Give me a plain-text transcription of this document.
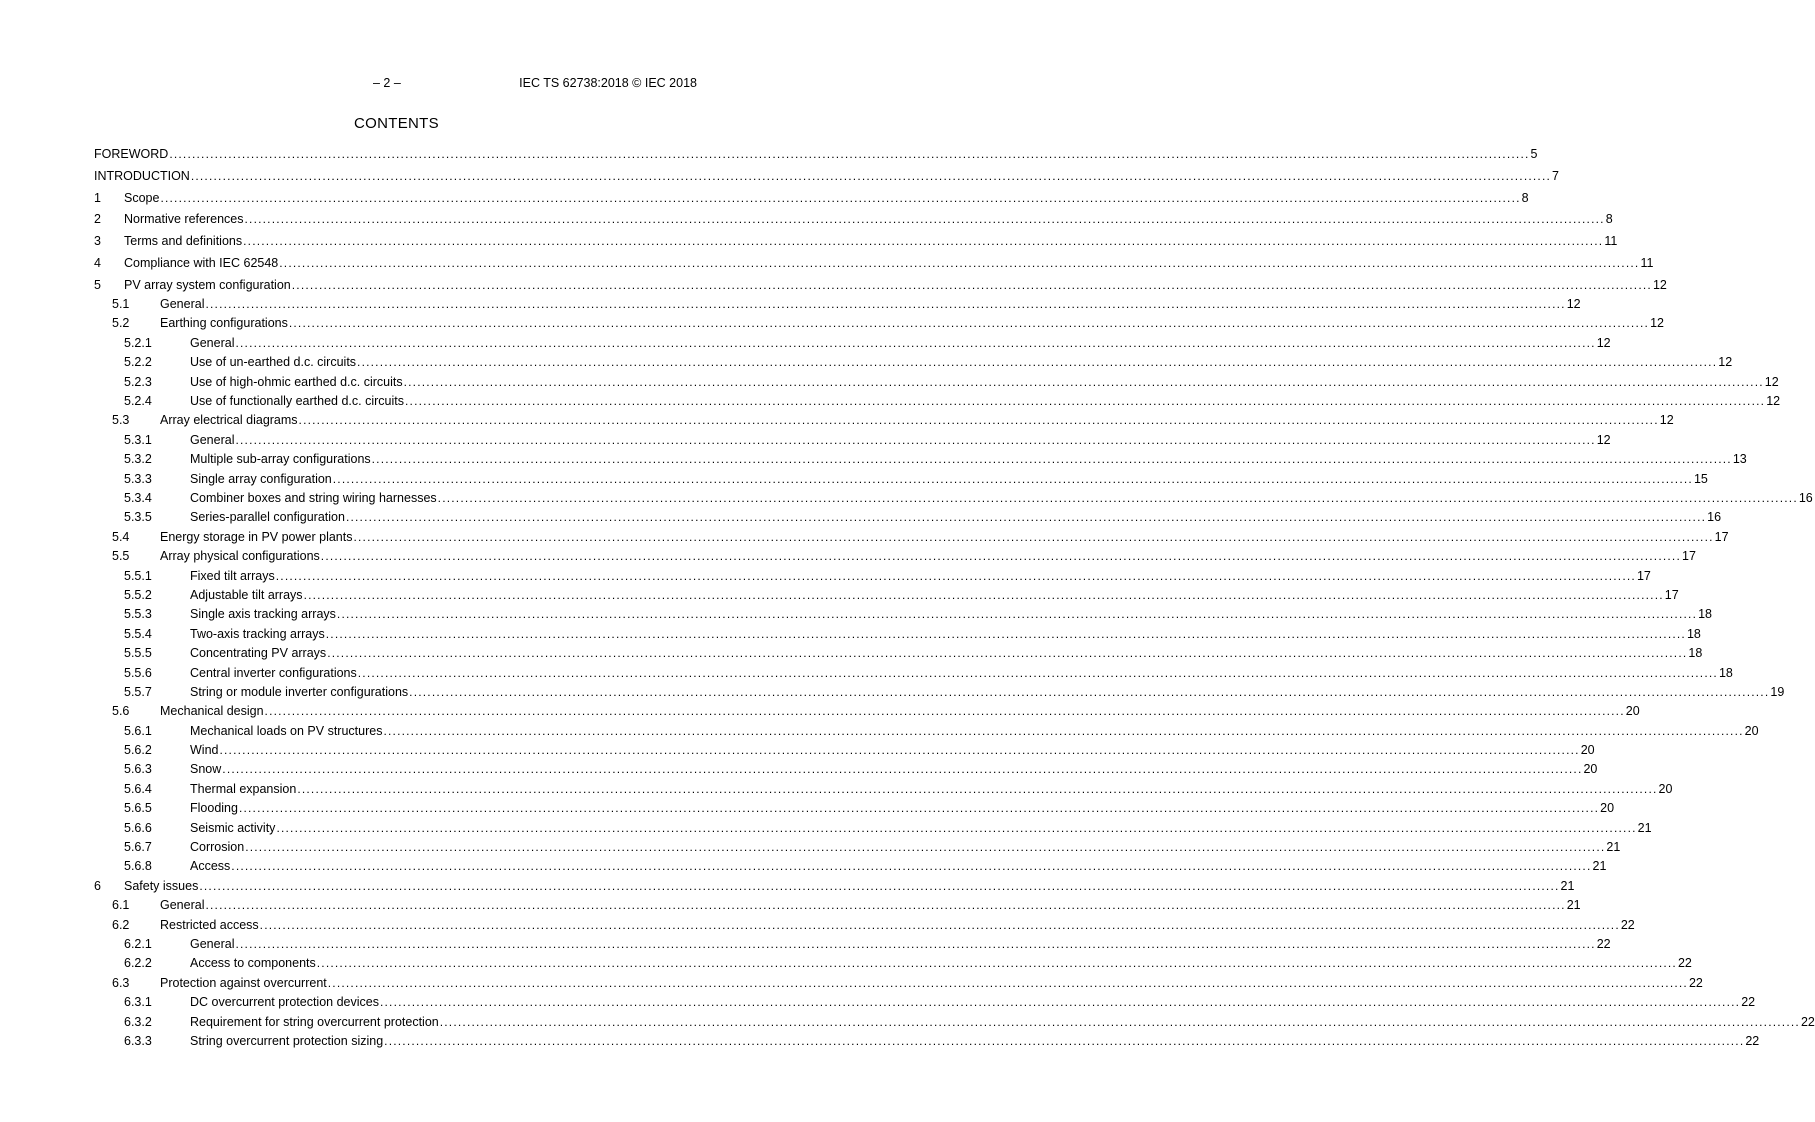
– 2 –	IEC TS 62738:2018 © IEC 2018
CONTENTS
FOREWORD ............................................................................................................................................................................................................................................................................................................ 5
INTRODUCTION ............................................................................................................................................................................................................................................................................................................ 7
1 Scope ............................................................................................................................................................................................................................................................................................................ 8
2 Normative references ............................................................................................................................................................................................................................................................................................................ 8
3 Terms and definitions ............................................................................................................................................................................................................................................................................................................ 11
4 Compliance with IEC 62548 ............................................................................................................................................................................................................................................................................................................ 11
5 PV array system configuration ............................................................................................................................................................................................................................................................................................................ 12
5.1 General ............................................................................................................................................................................................................................................................................................................ 12
5.2 Earthing configurations ............................................................................................................................................................................................................................................................................................................ 12
5.2.1	General ............................................................................................................................................................................................................................................................................................................ 12
5.2.2	Use of un-earthed d.c. circuits ............................................................................................................................................................................................................................................................................................................ 12
5.2.3	Use of high-ohmic earthed d.c. circuits ............................................................................................................................................................................................................................................................................................................ 12
5.2.4	Use of functionally earthed d.c. circuits ............................................................................................................................................................................................................................................................................................................ 12
5.3 Array electrical diagrams ............................................................................................................................................................................................................................................................................................................ 12
5.3.1	General ............................................................................................................................................................................................................................................................................................................ 12
5.3.2	Multiple sub-array configurations ............................................................................................................................................................................................................................................................................................................ 13
5.3.3	Single array configuration ............................................................................................................................................................................................................................................................................................................ 15
5.3.4	Combiner boxes and string wiring harnesses ............................................................................................................................................................................................................................................................................................................ 16
5.3.5	Series-parallel configuration ............................................................................................................................................................................................................................................................................................................ 16
5.4 Energy storage in PV power plants ............................................................................................................................................................................................................................................................................................................ 17
5.5 Array physical configurations ............................................................................................................................................................................................................................................................................................................ 17
5.5.1	Fixed tilt arrays ............................................................................................................................................................................................................................................................................................................ 17
5.5.2	Adjustable tilt arrays ............................................................................................................................................................................................................................................................................................................ 17
5.5.3	Single axis tracking arrays ............................................................................................................................................................................................................................................................................................................ 18
5.5.4	Two-axis tracking arrays ............................................................................................................................................................................................................................................................................................................ 18
5.5.5	Concentrating PV arrays ............................................................................................................................................................................................................................................................................................................ 18
5.5.6	Central inverter configurations ............................................................................................................................................................................................................................................................................................................ 18
5.5.7	String or module inverter configurations ............................................................................................................................................................................................................................................................................................................ 19
5.6 Mechanical design ............................................................................................................................................................................................................................................................................................................ 20
5.6.1	Mechanical loads on PV structures ............................................................................................................................................................................................................................................................................................................ 20
5.6.2	Wind ............................................................................................................................................................................................................................................................................................................ 20
5.6.3	Snow ............................................................................................................................................................................................................................................................................................................ 20
5.6.4	Thermal expansion ............................................................................................................................................................................................................................................................................................................ 20
5.6.5	Flooding ............................................................................................................................................................................................................................................................................................................ 20
5.6.6	Seismic activity ............................................................................................................................................................................................................................................................................................................ 21
5.6.7	Corrosion ............................................................................................................................................................................................................................................................................................................ 21
5.6.8	Access ............................................................................................................................................................................................................................................................................................................ 21
6 Safety issues ............................................................................................................................................................................................................................................................................................................ 21
6.1 General ............................................................................................................................................................................................................................................................................................................ 21
6.2 Restricted access ............................................................................................................................................................................................................................................................................................................ 22
6.2.1	General ............................................................................................................................................................................................................................................................................................................ 22
6.2.2	Access to components ............................................................................................................................................................................................................................................................................................................ 22
6.3 Protection against overcurrent ............................................................................................................................................................................................................................................................................................................ 22
6.3.1	DC overcurrent protection devices ............................................................................................................................................................................................................................................................................................................ 22
6.3.2	Requirement for string overcurrent protection ............................................................................................................................................................................................................................................................................................................ 22
6.3.3	String overcurrent protection sizing ............................................................................................................................................................................................................................................................................................................ 22
